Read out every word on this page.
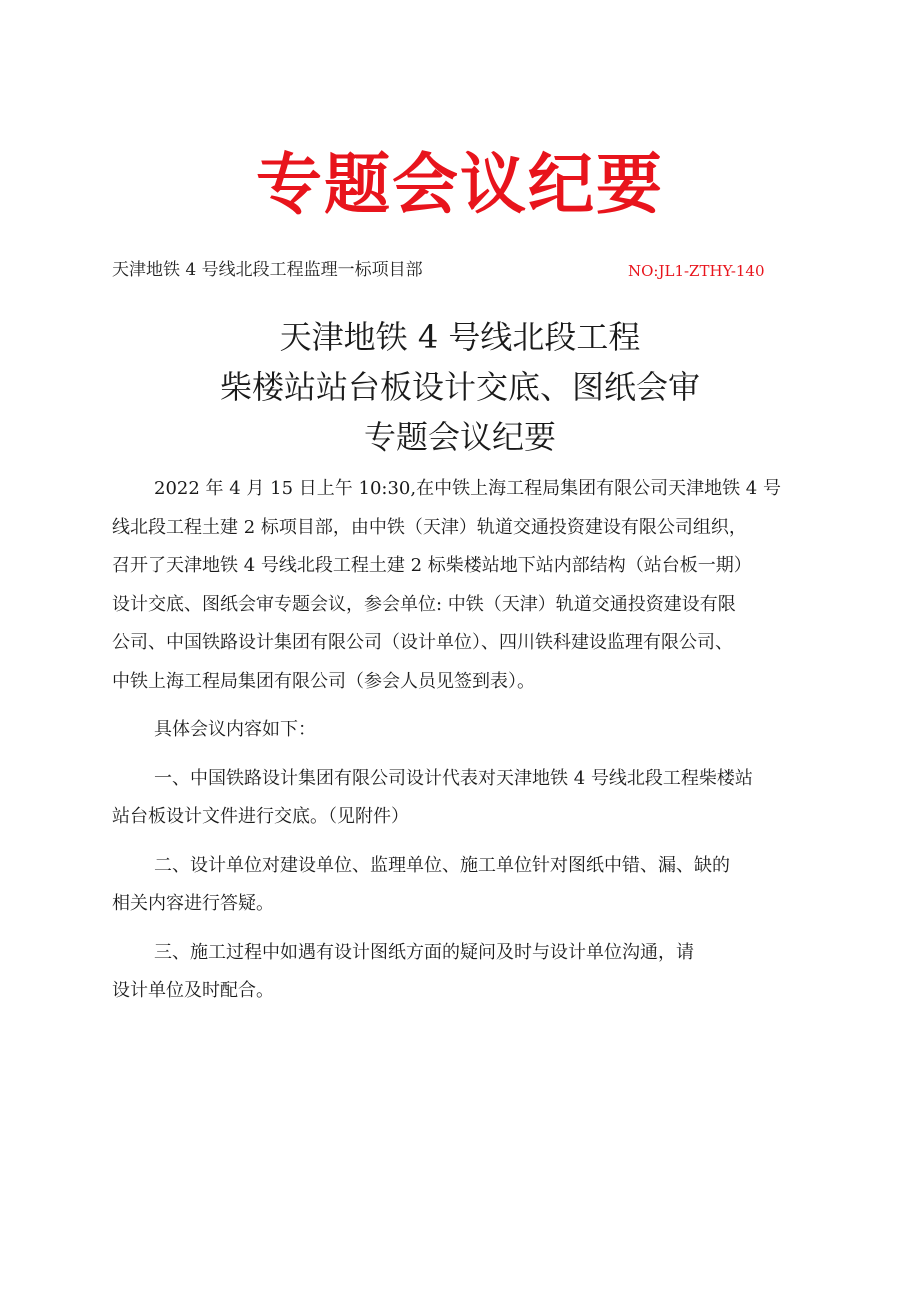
专题会议纪要
天津地铁 4 号线北段工程监理一标项目部	NO:JL1-ZTHY-140
天津地铁 4 号线北段工程
柴楼站站台板设计交底、图纸会审
专题会议纪要
2022 年 4 月 15 日上午 10:30,在中铁上海工程局集团有限公司天津地铁 4 号
线北段工程土建 2 标项目部，由中铁（天津）轨道交通投资建设有限公司组织，
召开了天津地铁 4 号线北段工程土建 2 标柴楼站地下站内部结构（站台板一期）
设计交底、图纸会审专题会议，参会单位: 中铁（天津）轨道交通投资建设有限
公司、中国铁路设计集团有限公司（设计单位）、四川铁科建设监理有限公司、
中铁上海工程局集团有限公司（参会人员见签到表）。
具体会议内容如下：
一、中国铁路设计集团有限公司设计代表对天津地铁 4 号线北段工程柴楼站
站台板设计文件进行交底。（见附件）
二、设计单位对建设单位、监理单位、施工单位针对图纸中错、漏、缺的
相关内容进行答疑。
三、施工过程中如遇有设计图纸方面的疑问及时与设计单位沟通，请
设计单位及时配合。
